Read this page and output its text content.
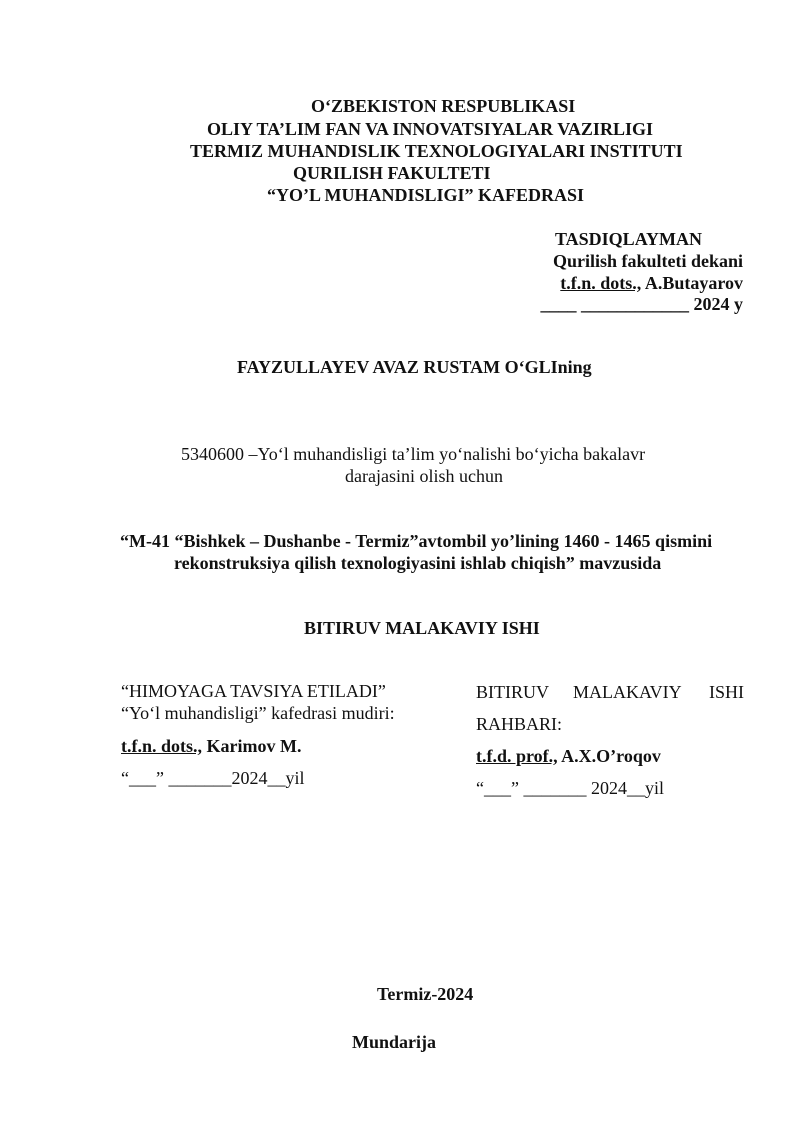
O‘ZBEKISTON RESPUBLIKASI
OLIY TA’LIM FAN VA INNOVATSIYALAR VAZIRLIGI
TERMIZ MUHANDISLIK TEXNOLOGIYALARI INSTITUTI
QURILISH FAKULTETI
“YO’L MUHANDISLIGI” KAFEDRASI
TASDIQLAYMAN
Qurilish fakulteti dekani
t.f.n. dots., A.Butayarov
____ ____________ 2024 y
FAYZULLAYEV AVAZ RUSTAM O‘GLIning
5340600 –Yo‘l muhandisligi ta’lim yo‘nalishi bo‘yicha bakalavr
darajasini olish uchun
“M-41 “Bishkek – Dushanbe - Termiz”avtombil yo’lining 1460 - 1465 qismini
rekonstruksiya qilish texnologiyasini ishlab chiqish” mavzusida
BITIRUV MALAKAVIY ISHI
“HIMOYAGA TAVSIYA ETILADI”
“Yo‘l muhandisligi” kafedrasi mudiri:
t.f.n. dots., Karimov M.
“___” _______2024__yil
BITIRUV MALAKAVIY ISHI
RAHBARI:
t.f.d. prof., A.X.O’roqov
“___” _______ 2024__yil
Termiz-2024
Mundarija
